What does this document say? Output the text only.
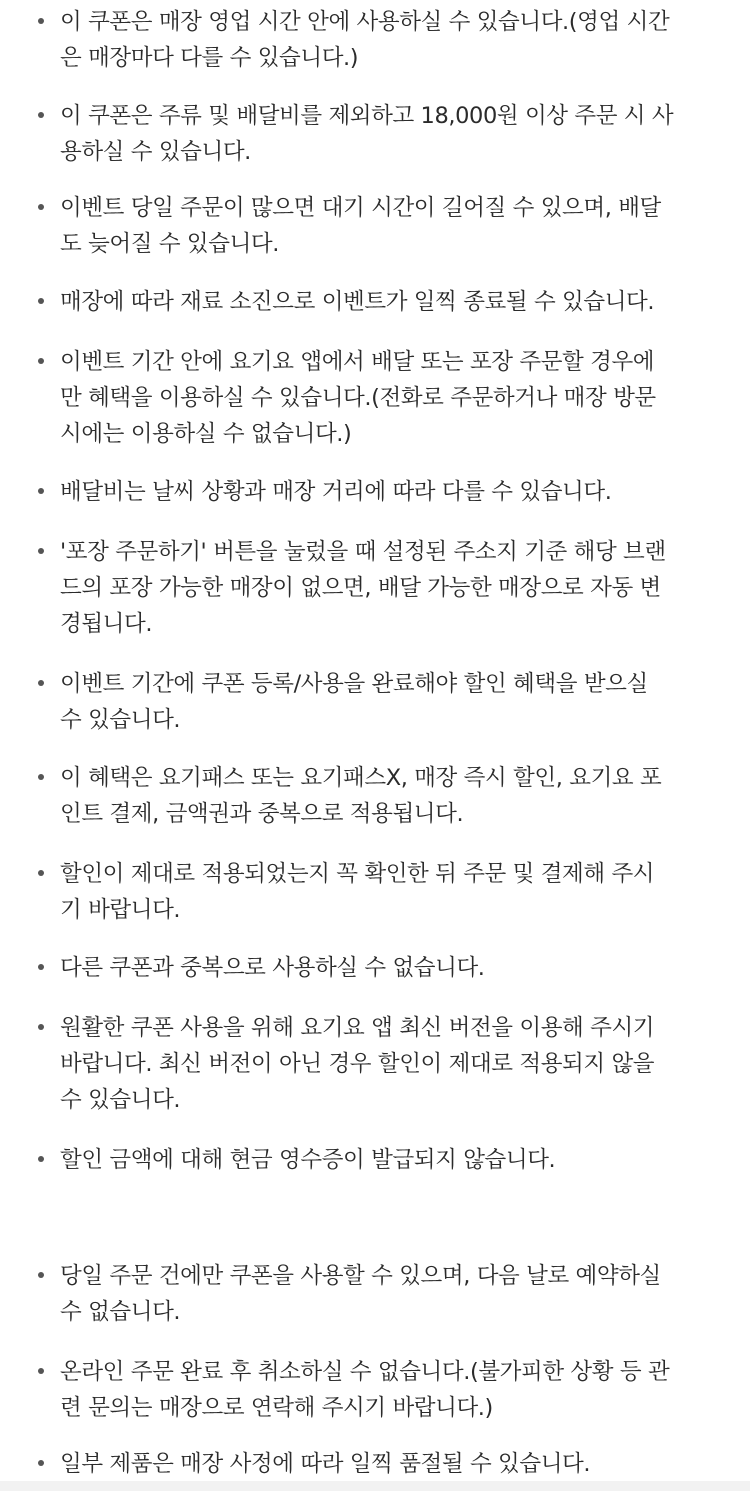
이 쿠폰은 매장 영업 시간 안에 사용하실 수 있습니다.(영업 시간
은 매장마다 다를 수 있습니다.)
이 쿠폰은 주류 및 배달비를 제외하고 18,000원 이상 주문 시 사
용하실 수 있습니다.
이벤트 당일 주문이 많으면 대기 시간이 길어질 수 있으며, 배달
도 늦어질 수 있습니다.
매장에 따라 재료 소진으로 이벤트가 일찍 종료될 수 있습니다.
이벤트 기간 안에 요기요 앱에서 배달 또는 포장 주문할 경우에
만 혜택을 이용하실 수 있습니다.(전화로 주문하거나 매장 방문
시에는 이용하실 수 없습니다.)
배달비는 날씨 상황과 매장 거리에 따라 다를 수 있습니다.
'포장 주문하기' 버튼을 눌렀을 때 설정된 주소지 기준 해당 브랜
드의 포장 가능한 매장이 없으면, 배달 가능한 매장으로 자동 변
경됩니다.
이벤트 기간에 쿠폰 등록/사용을 완료해야 할인 혜택을 받으실
수 있습니다.
이 혜택은 요기패스 또는 요기패스X, 매장 즉시 할인, 요기요 포
인트 결제, 금액권과 중복으로 적용됩니다.
할인이 제대로 적용되었는지 꼭 확인한 뒤 주문 및 결제해 주시
기 바랍니다.
다른 쿠폰과 중복으로 사용하실 수 없습니다.
원활한 쿠폰 사용을 위해 요기요 앱 최신 버전을 이용해 주시기
바랍니다. 최신 버전이 아닌 경우 할인이 제대로 적용되지 않을
수 있습니다.
할인 금액에 대해 현금 영수증이 발급되지 않습니다.
당일 주문 건에만 쿠폰을 사용할 수 있으며, 다음 날로 예약하실
수 없습니다.
온라인 주문 완료 후 취소하실 수 없습니다.(불가피한 상황 등 관
련 문의는 매장으로 연락해 주시기 바랍니다.)
일부 제품은 매장 사정에 따라 일찍 품절될 수 있습니다.
